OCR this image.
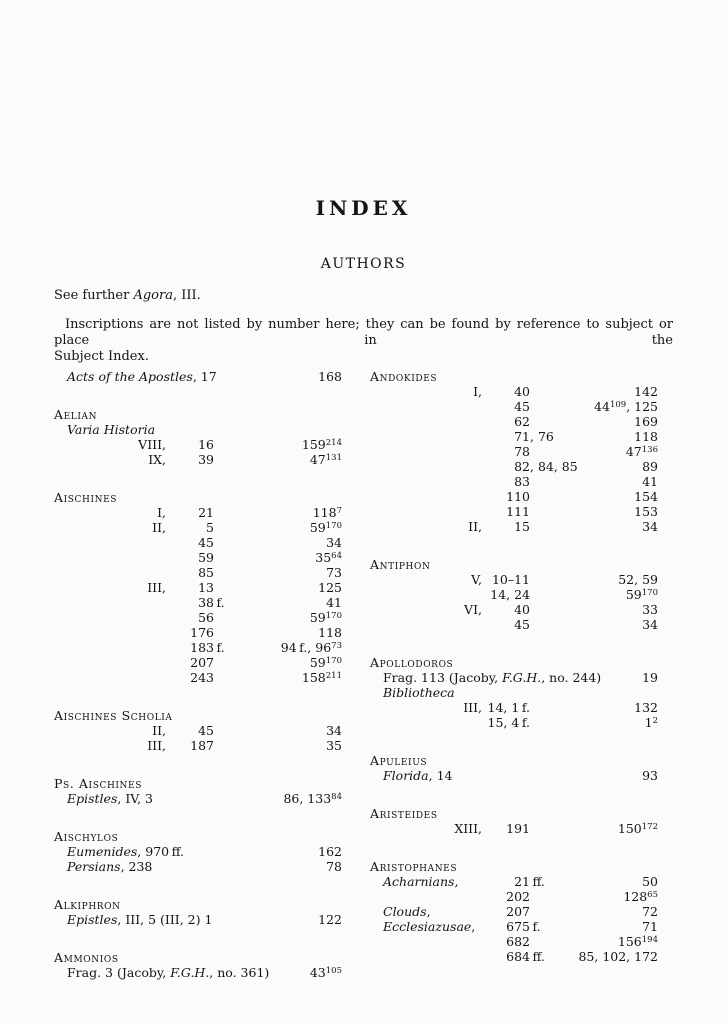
INDEX
AUTHORS
See further Agora, III.
Inscriptions are not listed by number here; they can be found by reference to subject or place in the
Subject Index.
Acts of the Apostles, 17	168
Aelian
Varia Historia
VIII,	16	$159^{214}$
IX,	39	$47^{131}$
Aischines
I,	21	$118^7$
II,	5	$59^{170}$
45	34
59	$35^{64}$
85	73
III,	13	125
38 f.	41
56	$59^{170}$
176	118
183 f.	94 f., $96^{73}$
207	$59^{170}$
243	$158^{211}$
Aischines Scholia
II,	45	34
III,	187	35
Ps. Aischines
Epistles, IV, 3	86, $133^{84}$
Aischylos
Eumenides, 970 ff.	162
Persians, 238	78
Alkiphron
Epistles, III, 5 (III, 2) 1	122
Ammonios
Frag. 3 (Jacoby, F.G.H., no. 361)	$43^{105}$
Andokides
I,	40	142
45	$44^{109}$, 125
62	169
71, 76	118
78	$47^{136}$
82, 84, 85	89
83	41
110	154
111	153
II,	15	34
Antiphon
V, 10–11	52, 59
14, 24	$59^{170}$
VI,	40	33
45	34
Apollodoros
Frag. 113 (Jacoby, F.G.H., no. 244)	19
Bibliotheca
III, 14, 1 f.	132
15, 4 f.	$1^2$
Apuleius
Florida, 14	93
Aristeides
XIII,	191	$150^{172}$
Aristophanes
Acharnians,	21 ff.	50
202	$128^{65}$
Clouds,	207	72
Ecclesiazusae,	675 f.	71
682	$156^{194}$
684 ff.	85, 102, 172
